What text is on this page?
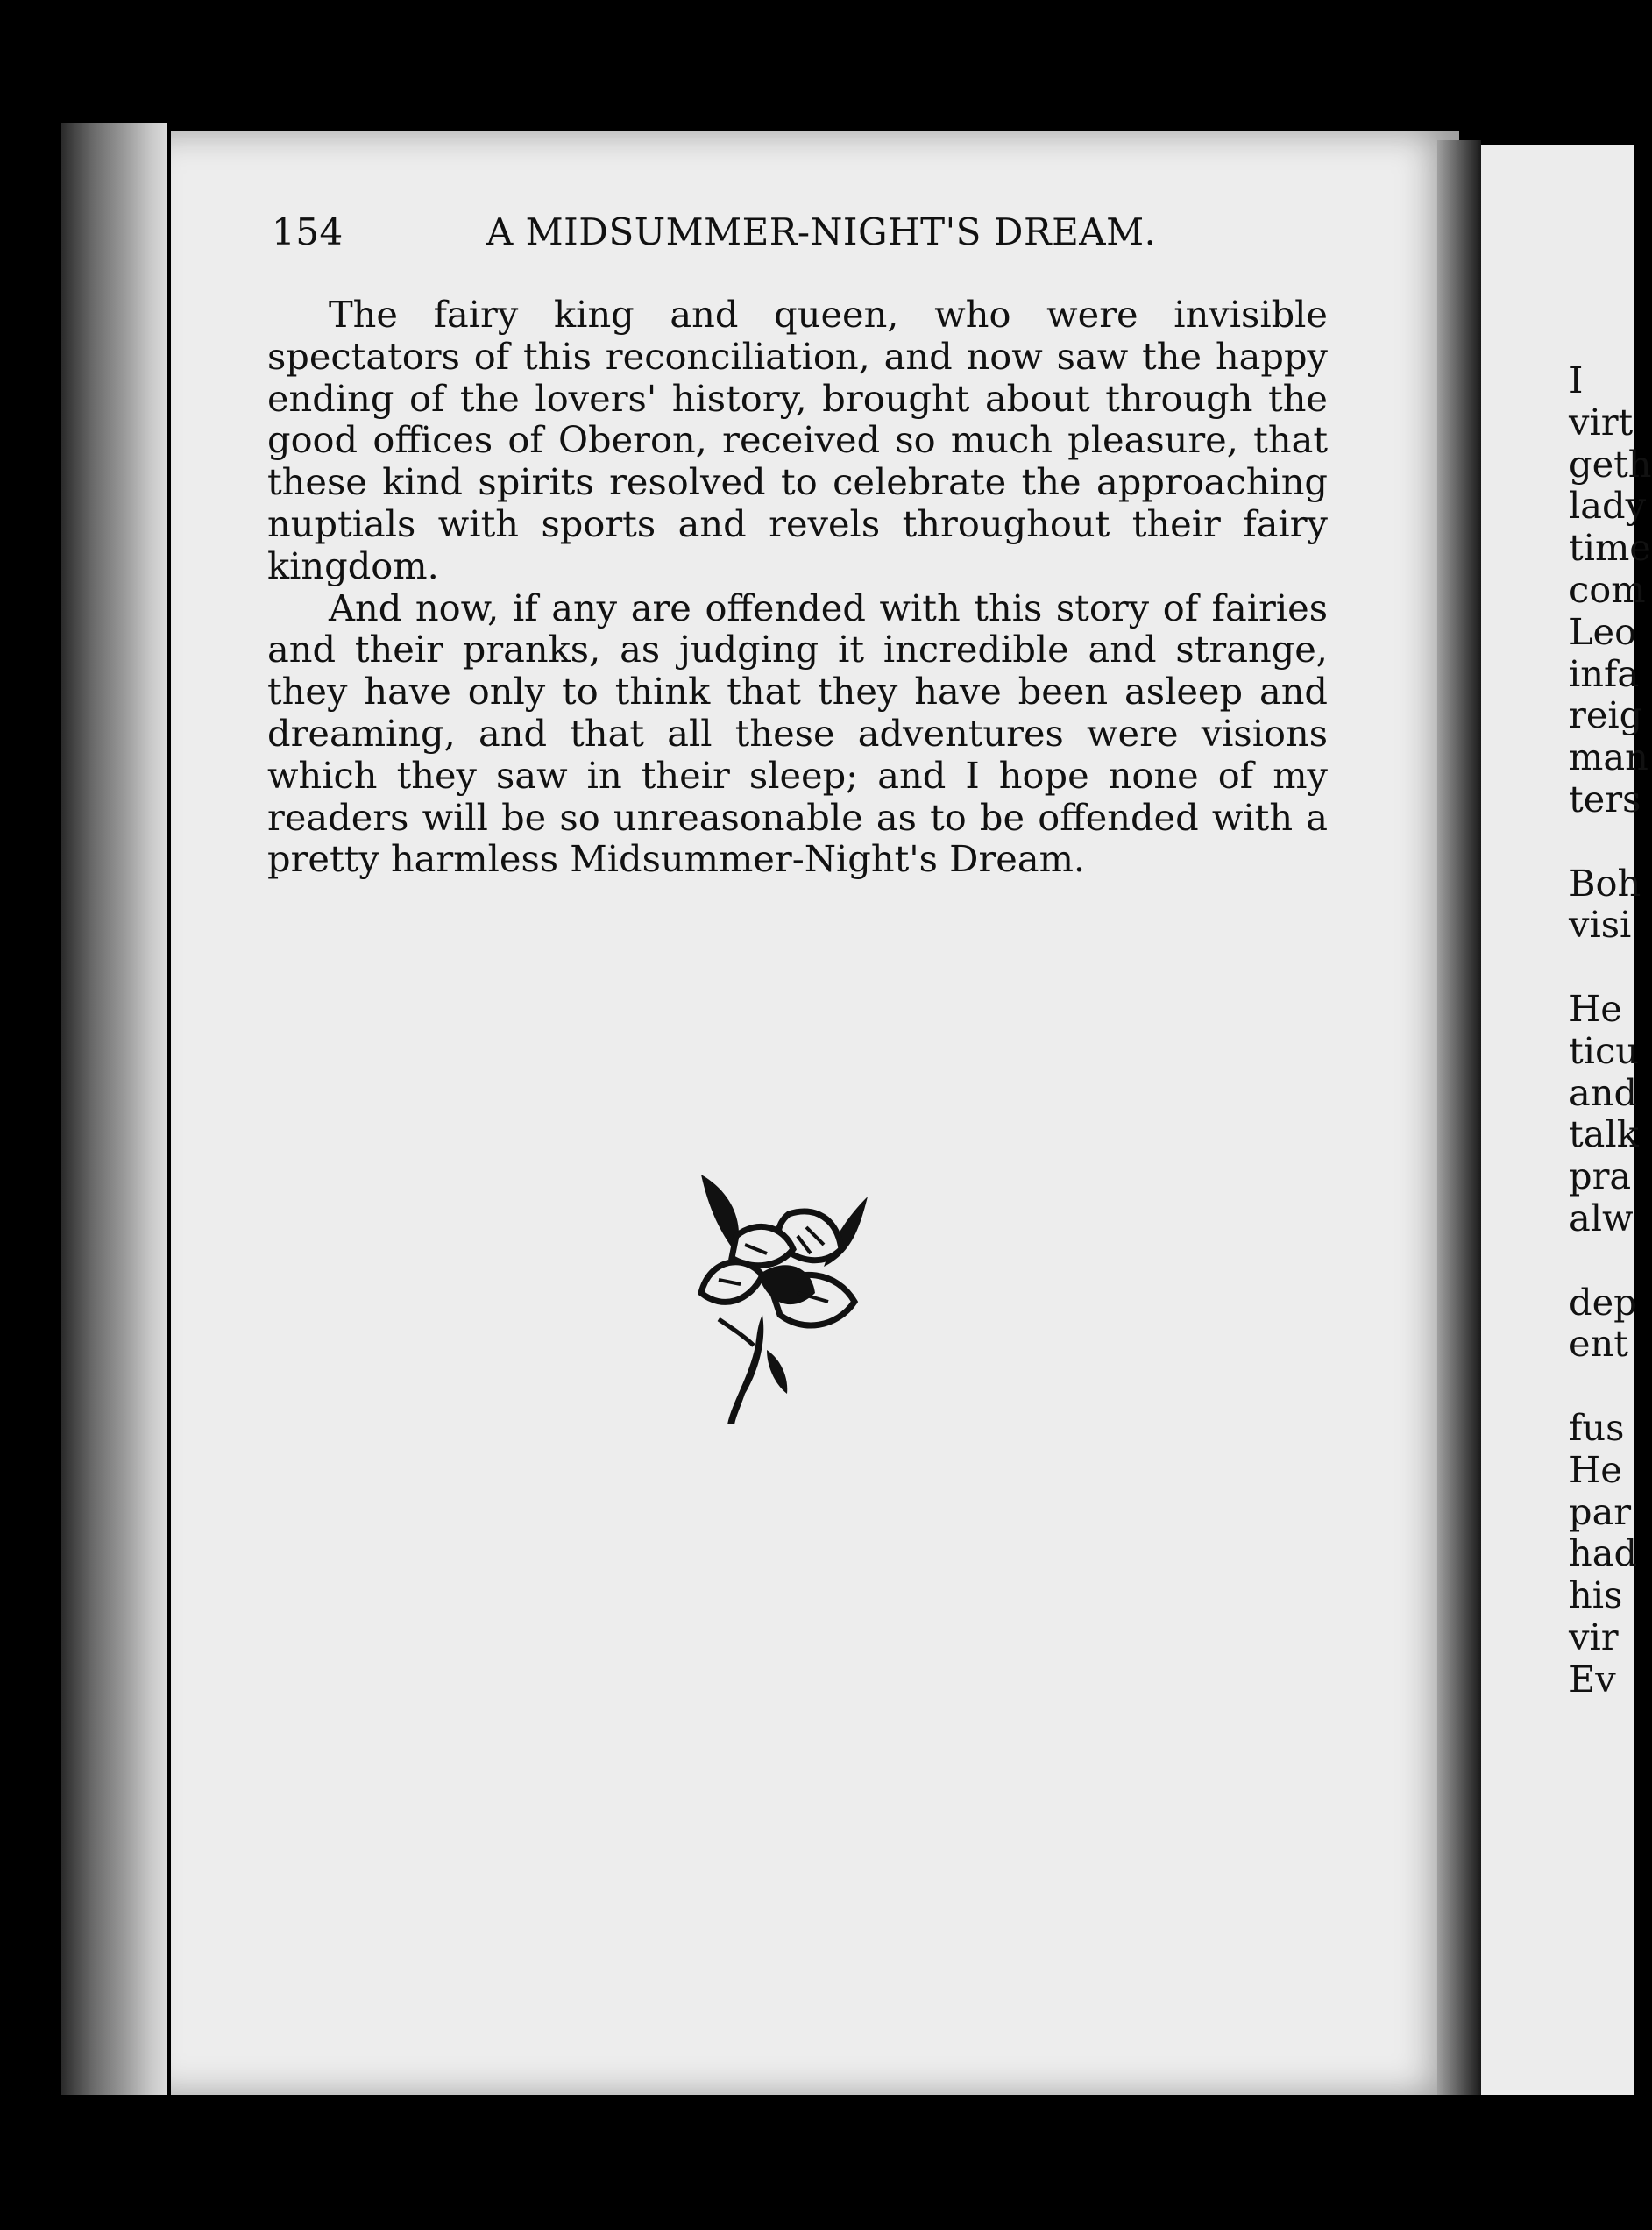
154	A MIDSUMMER-NIGHT'S DREAM.

The fairy king and queen, who were invisible spectators of this reconciliation, and now saw the happy ending of the lovers' history, brought about through the good offices of Oberon, received so much pleasure, that these kind spirits resolved to celebrate the approaching nuptials with sports and revels throughout their fairy kingdom.

And now, if any are offended with this story of fairies and their pranks, as judging it incredible and strange, they have only to think that they have been asleep and dreaming, and that all these adventures were visions which they saw in their sleep; and I hope none of my readers will be so unreasonable as to be offended with a pretty harmless Midsummer-Night's Dream.

I
virt
geth
lady
time
com
Leo
infa
reig
man
ters
Boh
visi
He
ticu
and
talk
pra
alw
dep
ent
fus
He
par
had
his
vir
Ev
